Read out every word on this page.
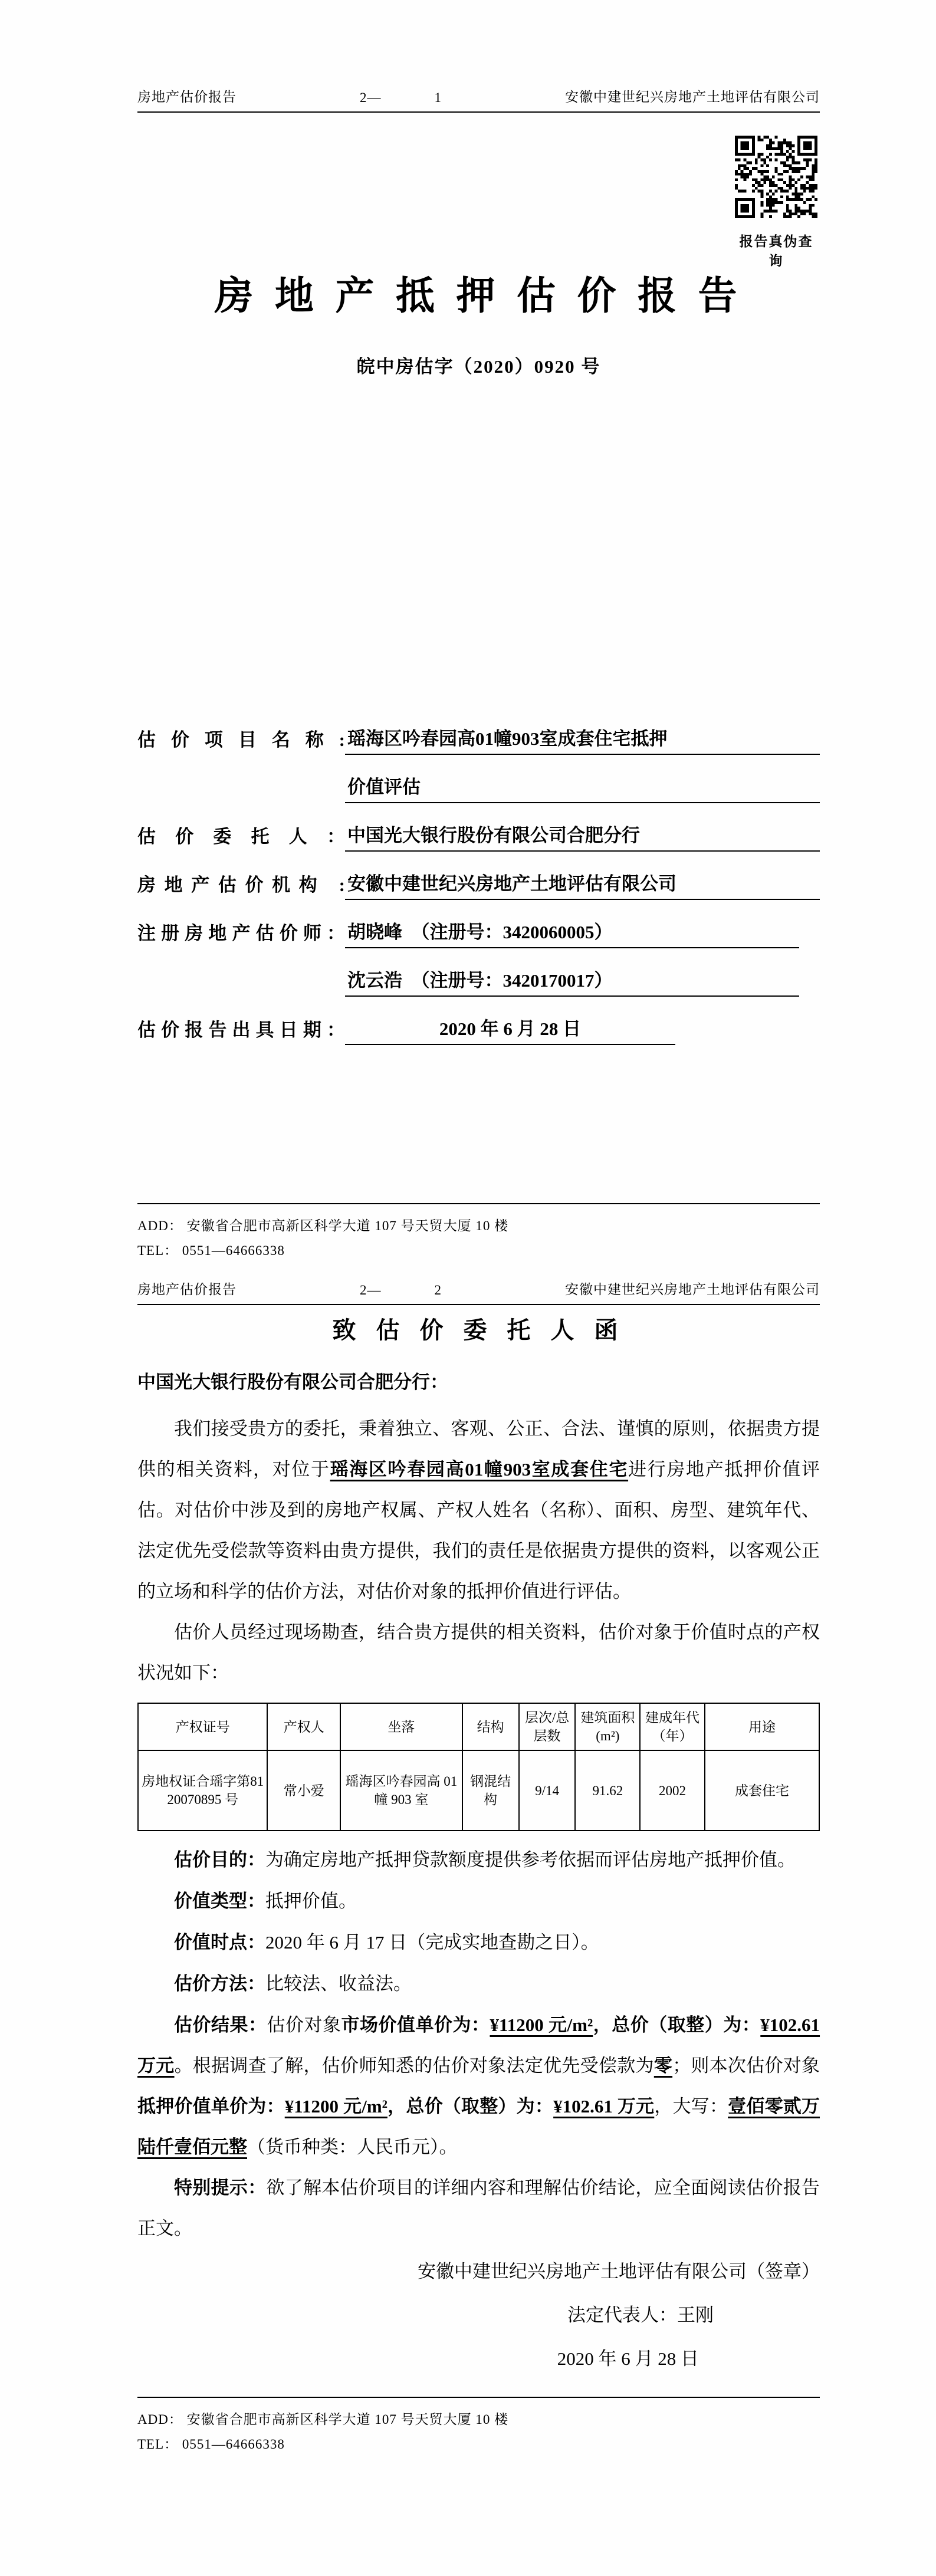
房地产估价报告	2—	1	安徽中建世纪兴房地产土地评估有限公司
报告真伪查询
房 地 产 抵 押 估 价 报 告
皖中房估字（2020）0920 号
估 价 项 目 名 称 : 瑶海区吟春园高01幢903室成套住宅抵押
价值评估
估 价 委 托 人 ： 中国光大银行股份有限公司合肥分行
房地产估价机构 : 安徽中建世纪兴房地产土地评估有限公司
注册房地产估价师： 胡晓峰　（注册号：3420060005）
沈云浩　（注册号：3420170017）
估价报告出具日期：	2020 年 6 月 28 日
ADD： 安徽省合肥市高新区科学大道 107 号天贸大厦 10 楼
TEL： 0551—64666338
房地产估价报告	2—	2	安徽中建世纪兴房地产土地评估有限公司
致 估 价 委 托 人 函
中国光大银行股份有限公司合肥分行：

我们接受贵方的委托，秉着独立、客观、公正、合法、谨慎的原则，依据贵方提供的相关资料，对位于瑶海区吟春园高01幢903室成套住宅进行房地产抵押价值评估。对估价中涉及到的房地产权属、产权人姓名（名称）、面积、房型、建筑年代、法定优先受偿款等资料由贵方提供，我们的责任是依据贵方提供的资料，以客观公正的立场和科学的估价方法，对估价对象的抵押价值进行评估。

估价人员经过现场勘查，结合贵方提供的相关资料，估价对象于价值时点的产权状况如下：

产权证号	产权人	坐落	结构	层次/总层数	建筑面积(m²)	建成年代（年）	用途
房地权证合瑶字第8120070895 号	常小爱	瑶海区吟春园高 01幢 903 室	钢混结构	9/14	91.62	2002	成套住宅

估价目的：为确定房地产抵押贷款额度提供参考依据而评估房地产抵押价值。

价值类型：抵押价值。

价值时点：2020 年 6 月 17 日（完成实地查勘之日）。

估价方法：比较法、收益法。

估价结果：估价对象市场价值单价为：¥11200 元/m²，总价（取整）为：¥102.61万元。根据调查了解，估价师知悉的估价对象法定优先受偿款为零；则本次估价对象抵押价值单价为：¥11200 元/m²，总价（取整）为：¥102.61 万元，大写：壹佰零贰万陆仟壹佰元整（货币种类：人民币元）。

特别提示：欲了解本估价项目的详细内容和理解估价结论，应全面阅读估价报告正文。

安徽中建世纪兴房地产土地评估有限公司（签章）
法定代表人：王刚
2020 年 6 月 28 日
ADD： 安徽省合肥市高新区科学大道 107 号天贸大厦 10 楼
TEL： 0551—64666338
